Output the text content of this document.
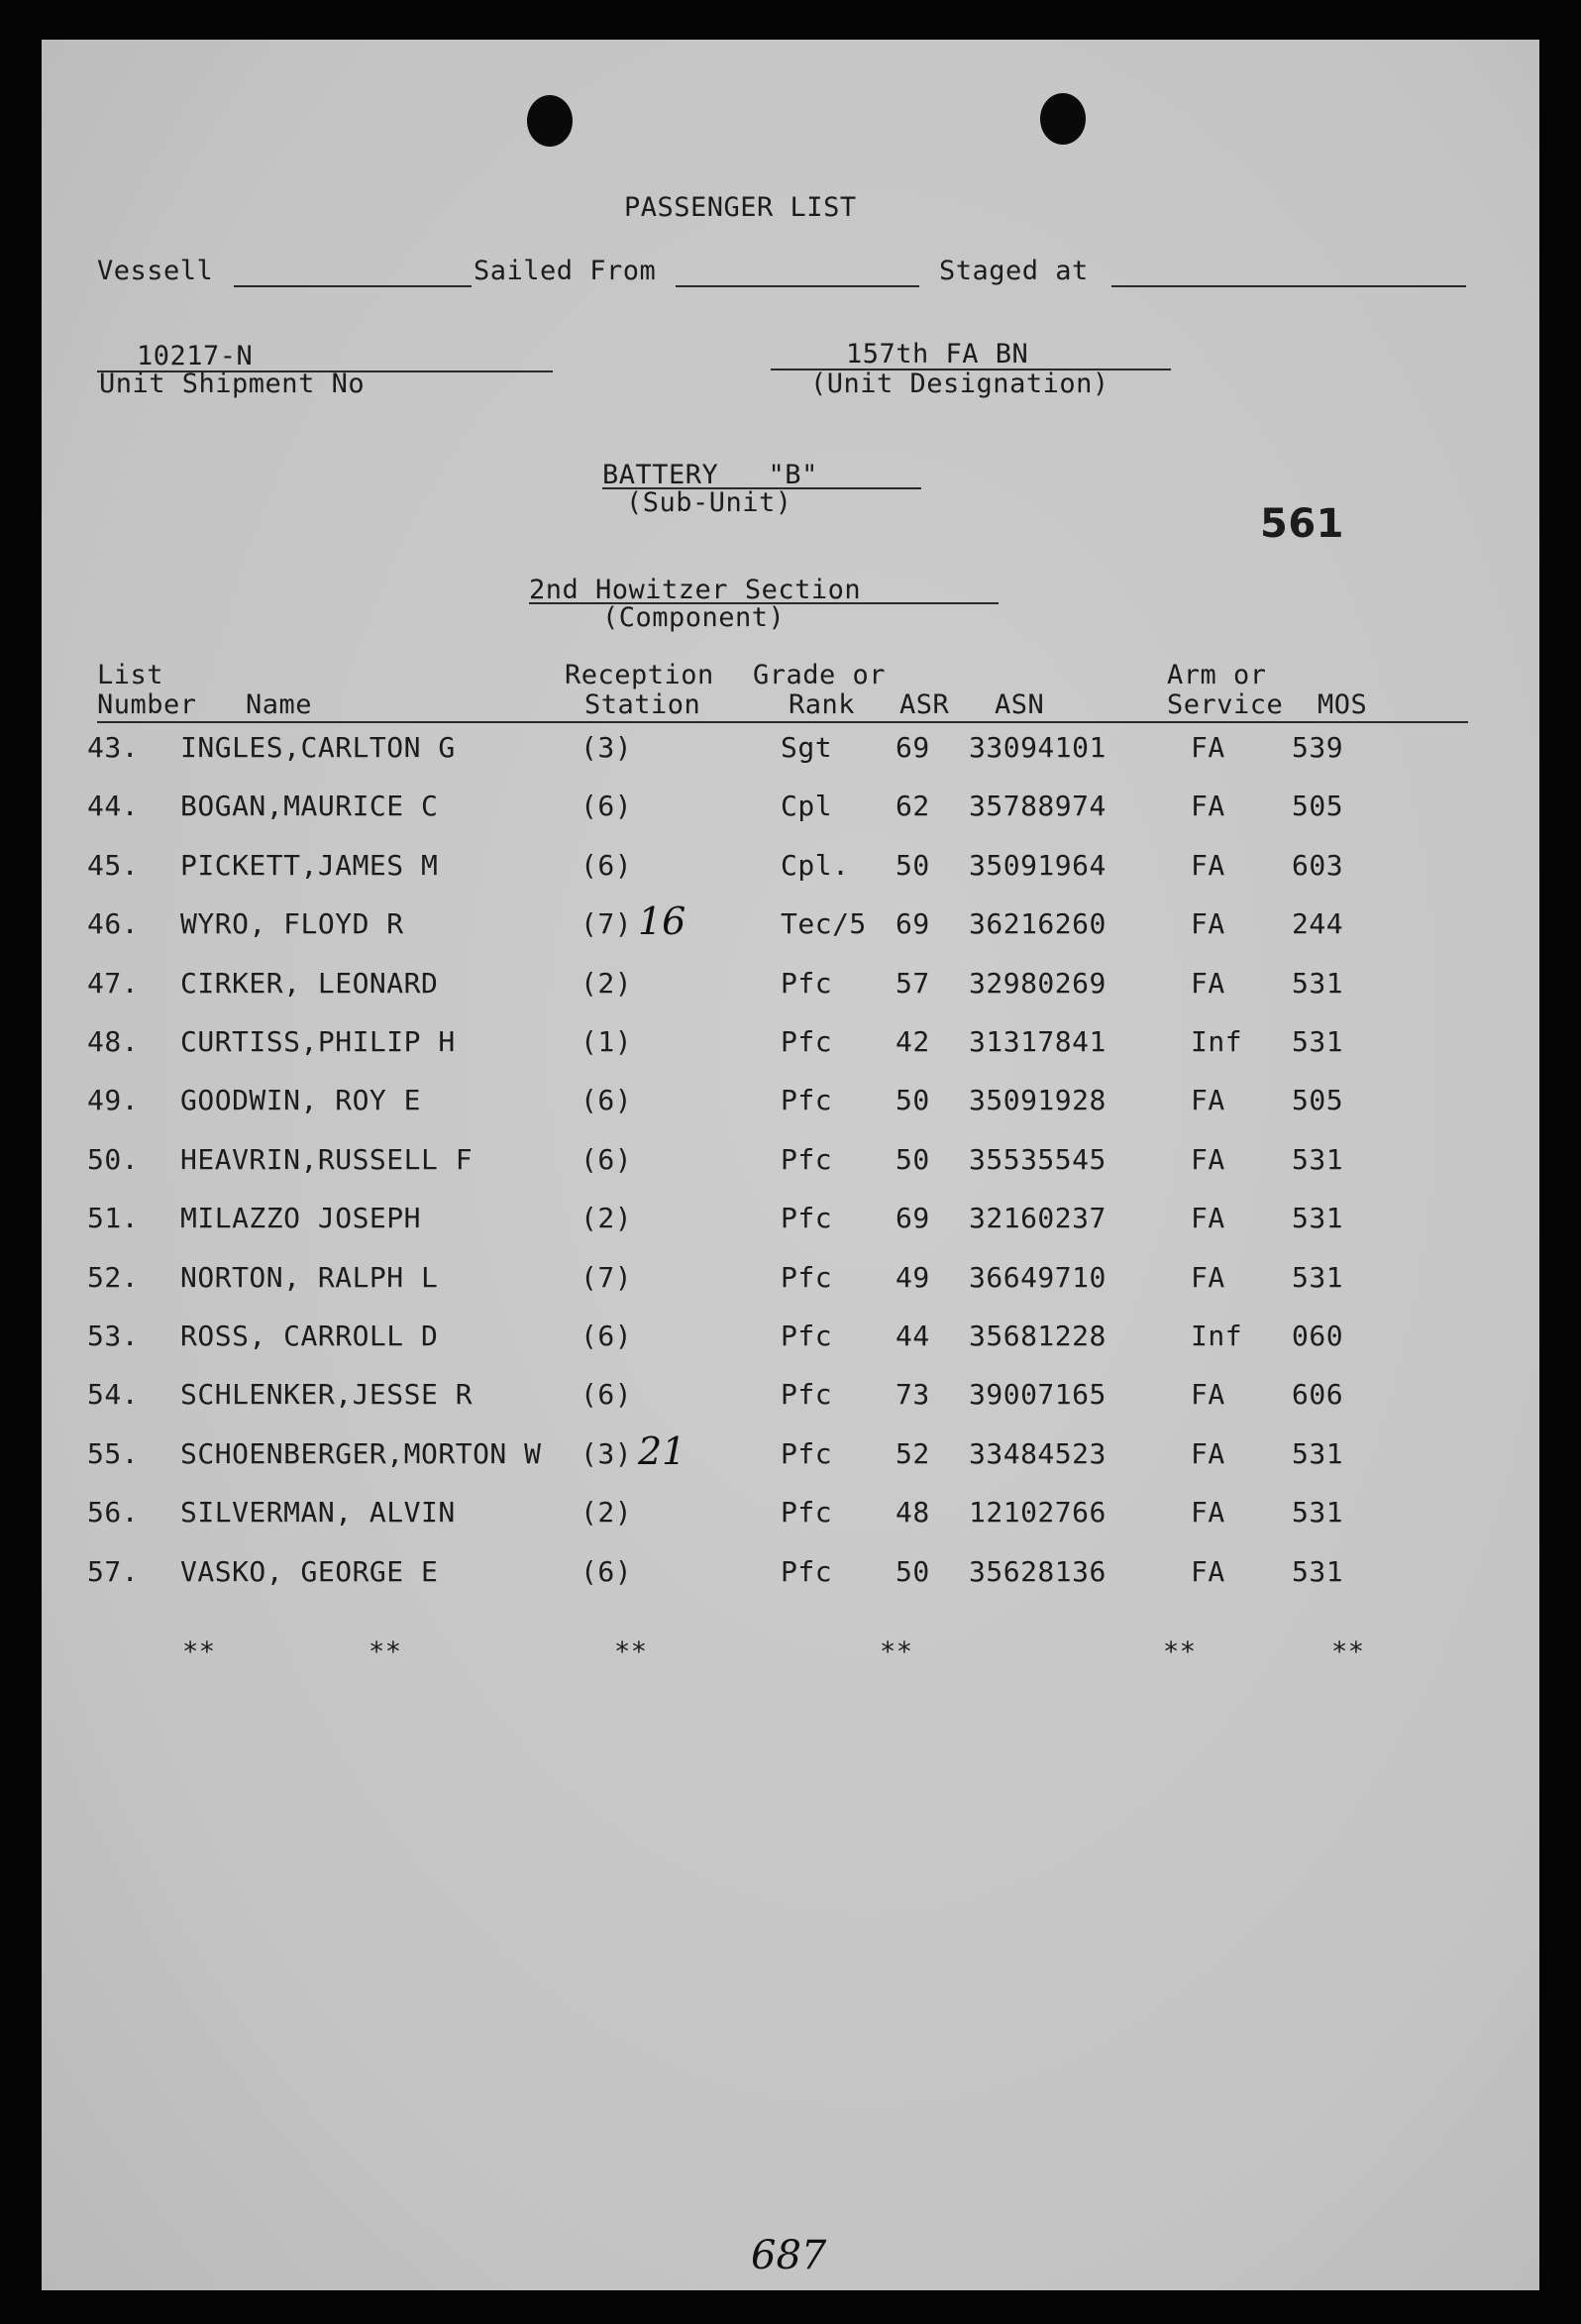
PASSENGER LIST
Vessell	Sailed From	Staged at
10217-N
Unit Shipment No
157th FA BN
(Unit Designation)
BATTERY   "B"
(Sub-Unit)	561
2nd Howitzer Section
(Component)
List
Number Name
Reception
Station
Grade or
Rank ASR ASN
Arm or
Service MOS
43. INGLES,CARLTON G	(3)	Sgt 69 33094101	FA 539
44. BOGAN,MAURICE C	(6)	Cpl 62 35788974	FA 505
45. PICKETT,JAMES M	(6)	Cpl. 50 35091964	FA 603
46. WYRO, FLOYD R	(7)	Tec/5 69 36216260	FA 244
16
47. CIRKER, LEONARD	(2)	Pfc 57 32980269	FA 531
48. CURTISS,PHILIP H	(1)	Pfc 42 31317841	Inf 531
49. GOODWIN, ROY E	(6)	Pfc 50 35091928	FA 505
50. HEAVRIN,RUSSELL F	(6)	Pfc 50 35535545	FA 531
51. MILAZZO JOSEPH	(2)	Pfc 69 32160237	FA 531
52. NORTON, RALPH L	(7)	Pfc 49 36649710	FA 531
53. ROSS, CARROLL D	(6)	Pfc 44 35681228	Inf 060
54. SCHLENKER,JESSE R	(6)	Pfc 73 39007165	FA 606
55. SCHOENBERGER,MORTON W (3)	Pfc 52 33484523	FA 531
21
56. SILVERMAN, ALVIN	(2)	Pfc 48 12102766	FA 531
57. VASKO, GEORGE E	(6)	Pfc 50 35628136	FA 531
**	**	**	**	**	**
687
